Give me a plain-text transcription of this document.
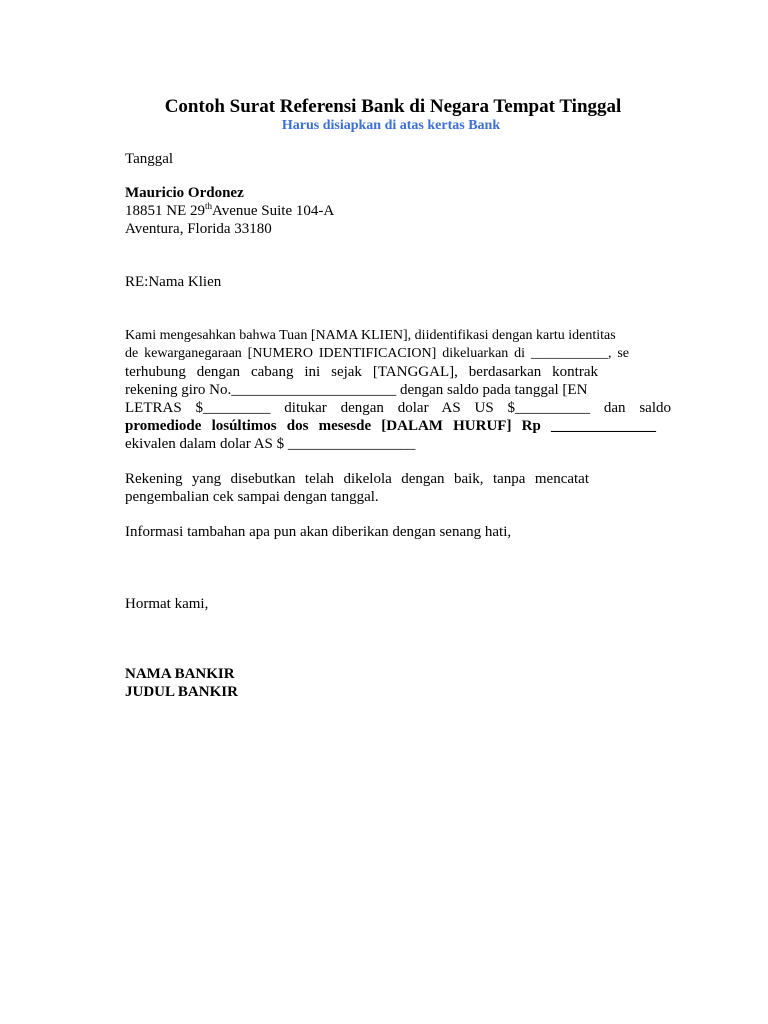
Contoh Surat Referensi Bank di Negara Tempat Tinggal
Harus disiapkan di atas kertas Bank
Tanggal
Mauricio Ordonez
18851 NE 29thAvenue Suite 104-A
Aventura, Florida 33180
RE:Nama Klien
Kami mengesahkan bahwa Tuan [NAMA KLIEN], diidentifikasi dengan kartu identitas
de kewarganegaraan [NUMERO IDENTIFICACION] dikeluarkan di ___________, se
terhubung dengan cabang ini sejak [TANGGAL], berdasarkan kontrak
rekening giro No.______________________ dengan saldo pada tanggal [EN
LETRAS $_________ ditukar dengan dolar AS US $__________ dan saldo
promediode losúltimos dos mesesde [DALAM HURUF] Rp ______________
ekivalen dalam dolar AS $ _________________
Rekening yang disebutkan telah dikelola dengan baik, tanpa mencatat
pengembalian cek sampai dengan tanggal.
Informasi tambahan apa pun akan diberikan dengan senang hati,
Hormat kami,
NAMA BANKIR
JUDUL BANKIR
